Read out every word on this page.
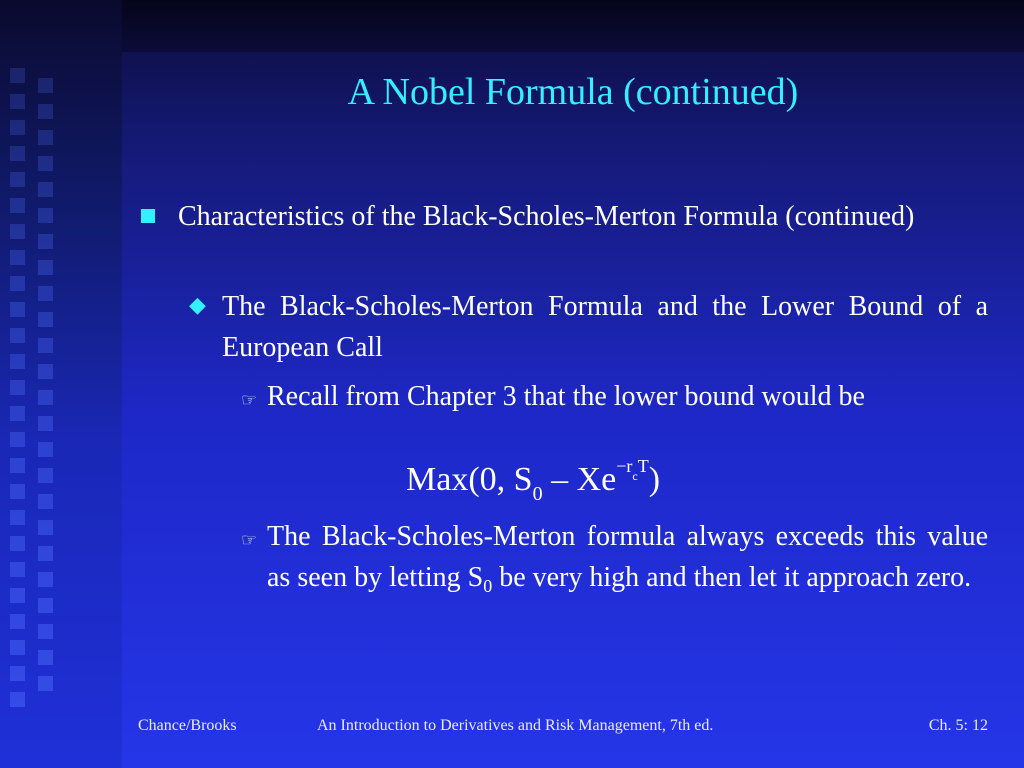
A Nobel Formula (continued)
Characteristics of the Black-Scholes-Merton Formula (continued)
◆ The Black-Scholes-Merton Formula and the Lower Bound of a European Call
☞ Recall from Chapter 3 that the lower bound would be
Max(0, $S_0 - Xe^{-rcT}$)
☞ The Black-Scholes-Merton formula always exceeds this value as seen by letting $S_0$ be very high and then let it approach zero.
Chance/Brooks	An Introduction to Derivatives and Risk Management, 7th ed.	Ch. 5: 12
